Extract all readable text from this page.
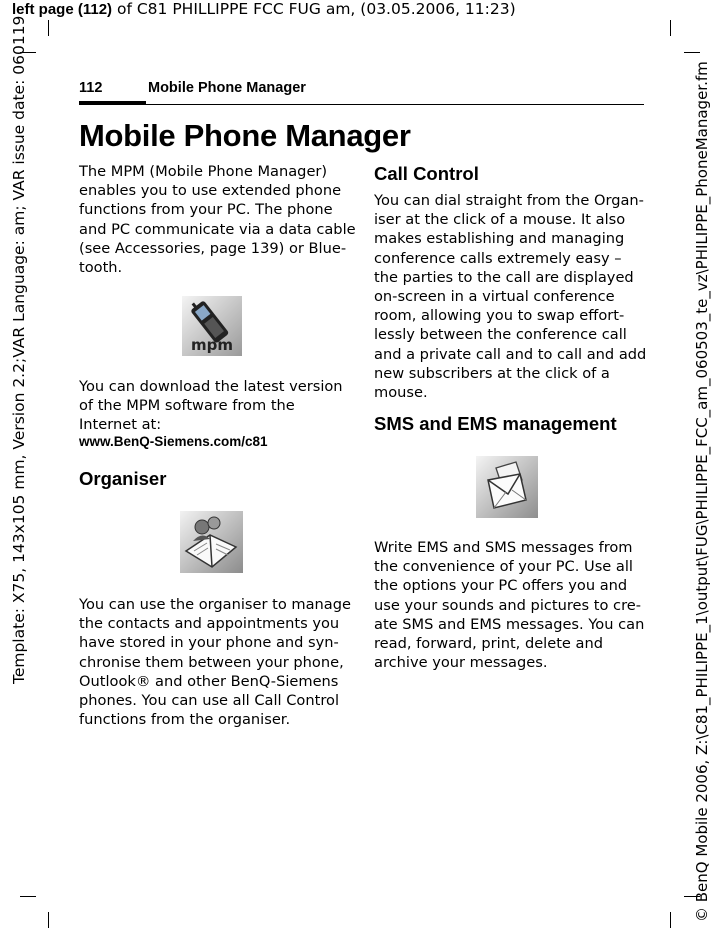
left page (112) of C81 PHILLIPPE FCC FUG am, (03.05.2006, 11:23)
Template: X75, 143x105 mm, Version 2.2;VAR Language: am; VAR issue date: 060119	© BenQ Mobile 2006, Z:\C81_PHILIPPE_1\output\FUG\PHILIPPE_FCC_am_060503_te_vz\PHILIPPE_PhoneManager.fm
112	Mobile Phone Manager
Mobile Phone Manager

The MPM (Mobile Phone Manager)

enables you to use extended phone

functions from your PC. The phone

and PC communicate via a data cable

(see Accessories, page 139) or Blue-

tooth.

mpm

You can download the latest version

of the MPM software from the

Internet at:

www.BenQ-Siemens.com/c81
Organiser

You can use the organiser to manage

the contacts and appointments you

have stored in your phone and syn-

chronise them between your phone,

Outlook® and other BenQ-Siemens

phones. You can use all Call Control

functions from the organiser.

Call Control

You can dial straight from the Organ-

iser at the click of a mouse. It also

makes establishing and managing

conference calls extremely easy –

the parties to the call are displayed

on-screen in a virtual conference

room, allowing you to swap effort-

lessly between the conference call

and a private call and to call and add

new subscribers at the click of a

mouse.

SMS and EMS management

Write EMS and SMS messages from

the convenience of your PC. Use all

the options your PC offers you and

use your sounds and pictures to cre-

ate SMS and EMS messages. You can

read, forward, print, delete and

archive your messages.
